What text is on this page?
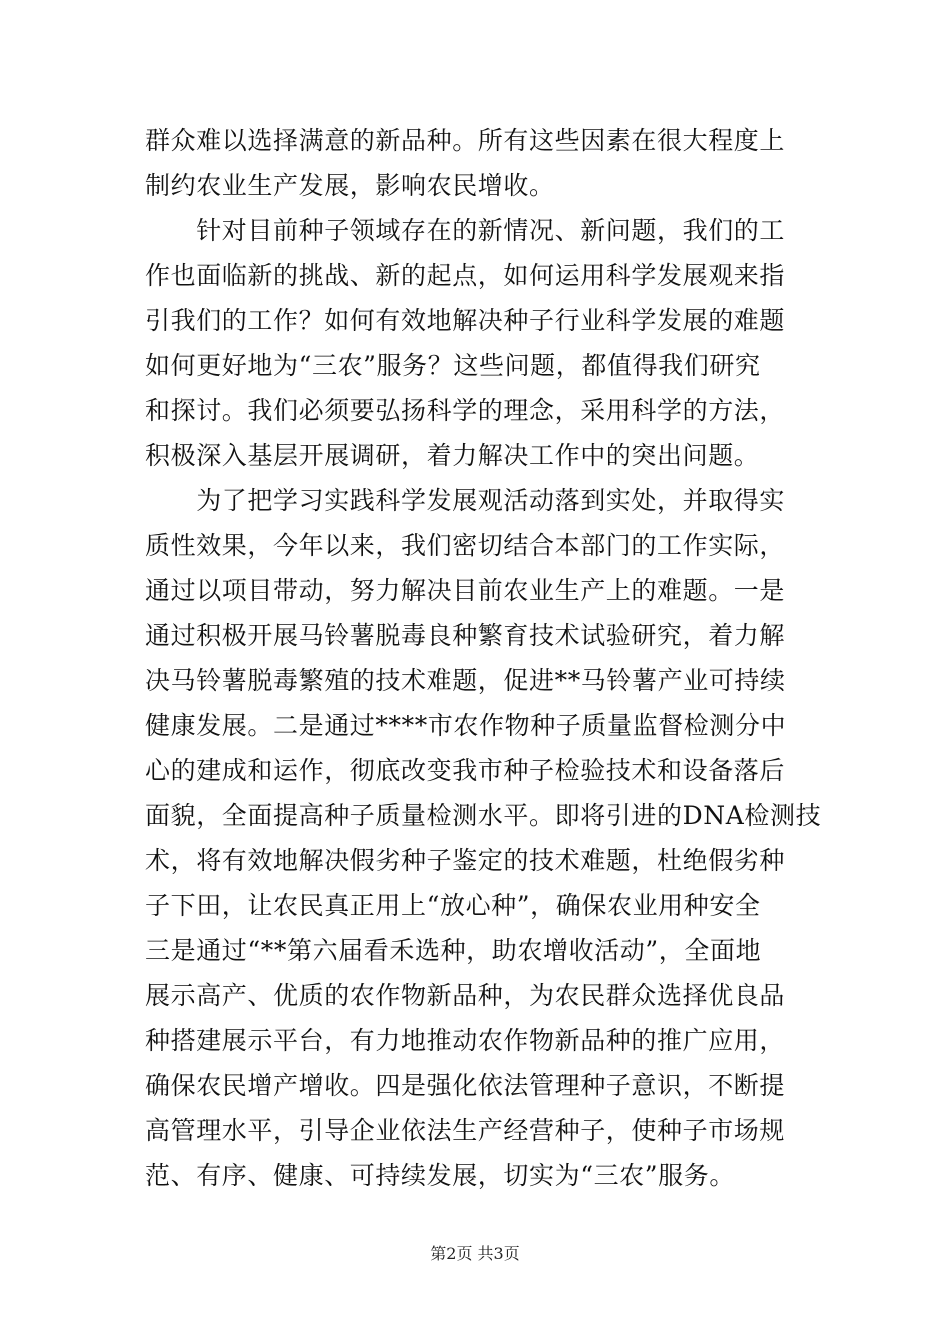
群众难以选择满意的新品种。所有这些因素在很大程度上
制约农业生产发展，影响农民增收。
　　针对目前种子领域存在的新情况、新问题，我们的工
作也面临新的挑战、新的起点，如何运用科学发展观来指
引我们的工作？如何有效地解决种子行业科学发展的难题
如何更好地为“三农”服务？这些问题，都值得我们研究
和探讨。我们必须要弘扬科学的理念，采用科学的方法，
积极深入基层开展调研，着力解决工作中的突出问题。
　　为了把学习实践科学发展观活动落到实处，并取得实
质性效果，今年以来，我们密切结合本部门的工作实际，
通过以项目带动，努力解决目前农业生产上的难题。一是
通过积极开展马铃薯脱毒良种繁育技术试验研究，着力解
决马铃薯脱毒繁殖的技术难题，促进**马铃薯产业可持续
健康发展。二是通过****市农作物种子质量监督检测分中
心的建成和运作，彻底改变我市种子检验技术和设备落后
面貌，全面提高种子质量检测水平。即将引进的DNA检测技
术，将有效地解决假劣种子鉴定的技术难题，杜绝假劣种
子下田，让农民真正用上“放心种”，确保农业用种安全
三是通过“**第六届看禾选种，助农增收活动”，全面地
展示高产、优质的农作物新品种，为农民群众选择优良品
种搭建展示平台，有力地推动农作物新品种的推广应用，
确保农民增产增收。四是强化依法管理种子意识，不断提
高管理水平，引导企业依法生产经营种子，使种子市场规
范、有序、健康、可持续发展，切实为“三农”服务。
第2页 共3页
